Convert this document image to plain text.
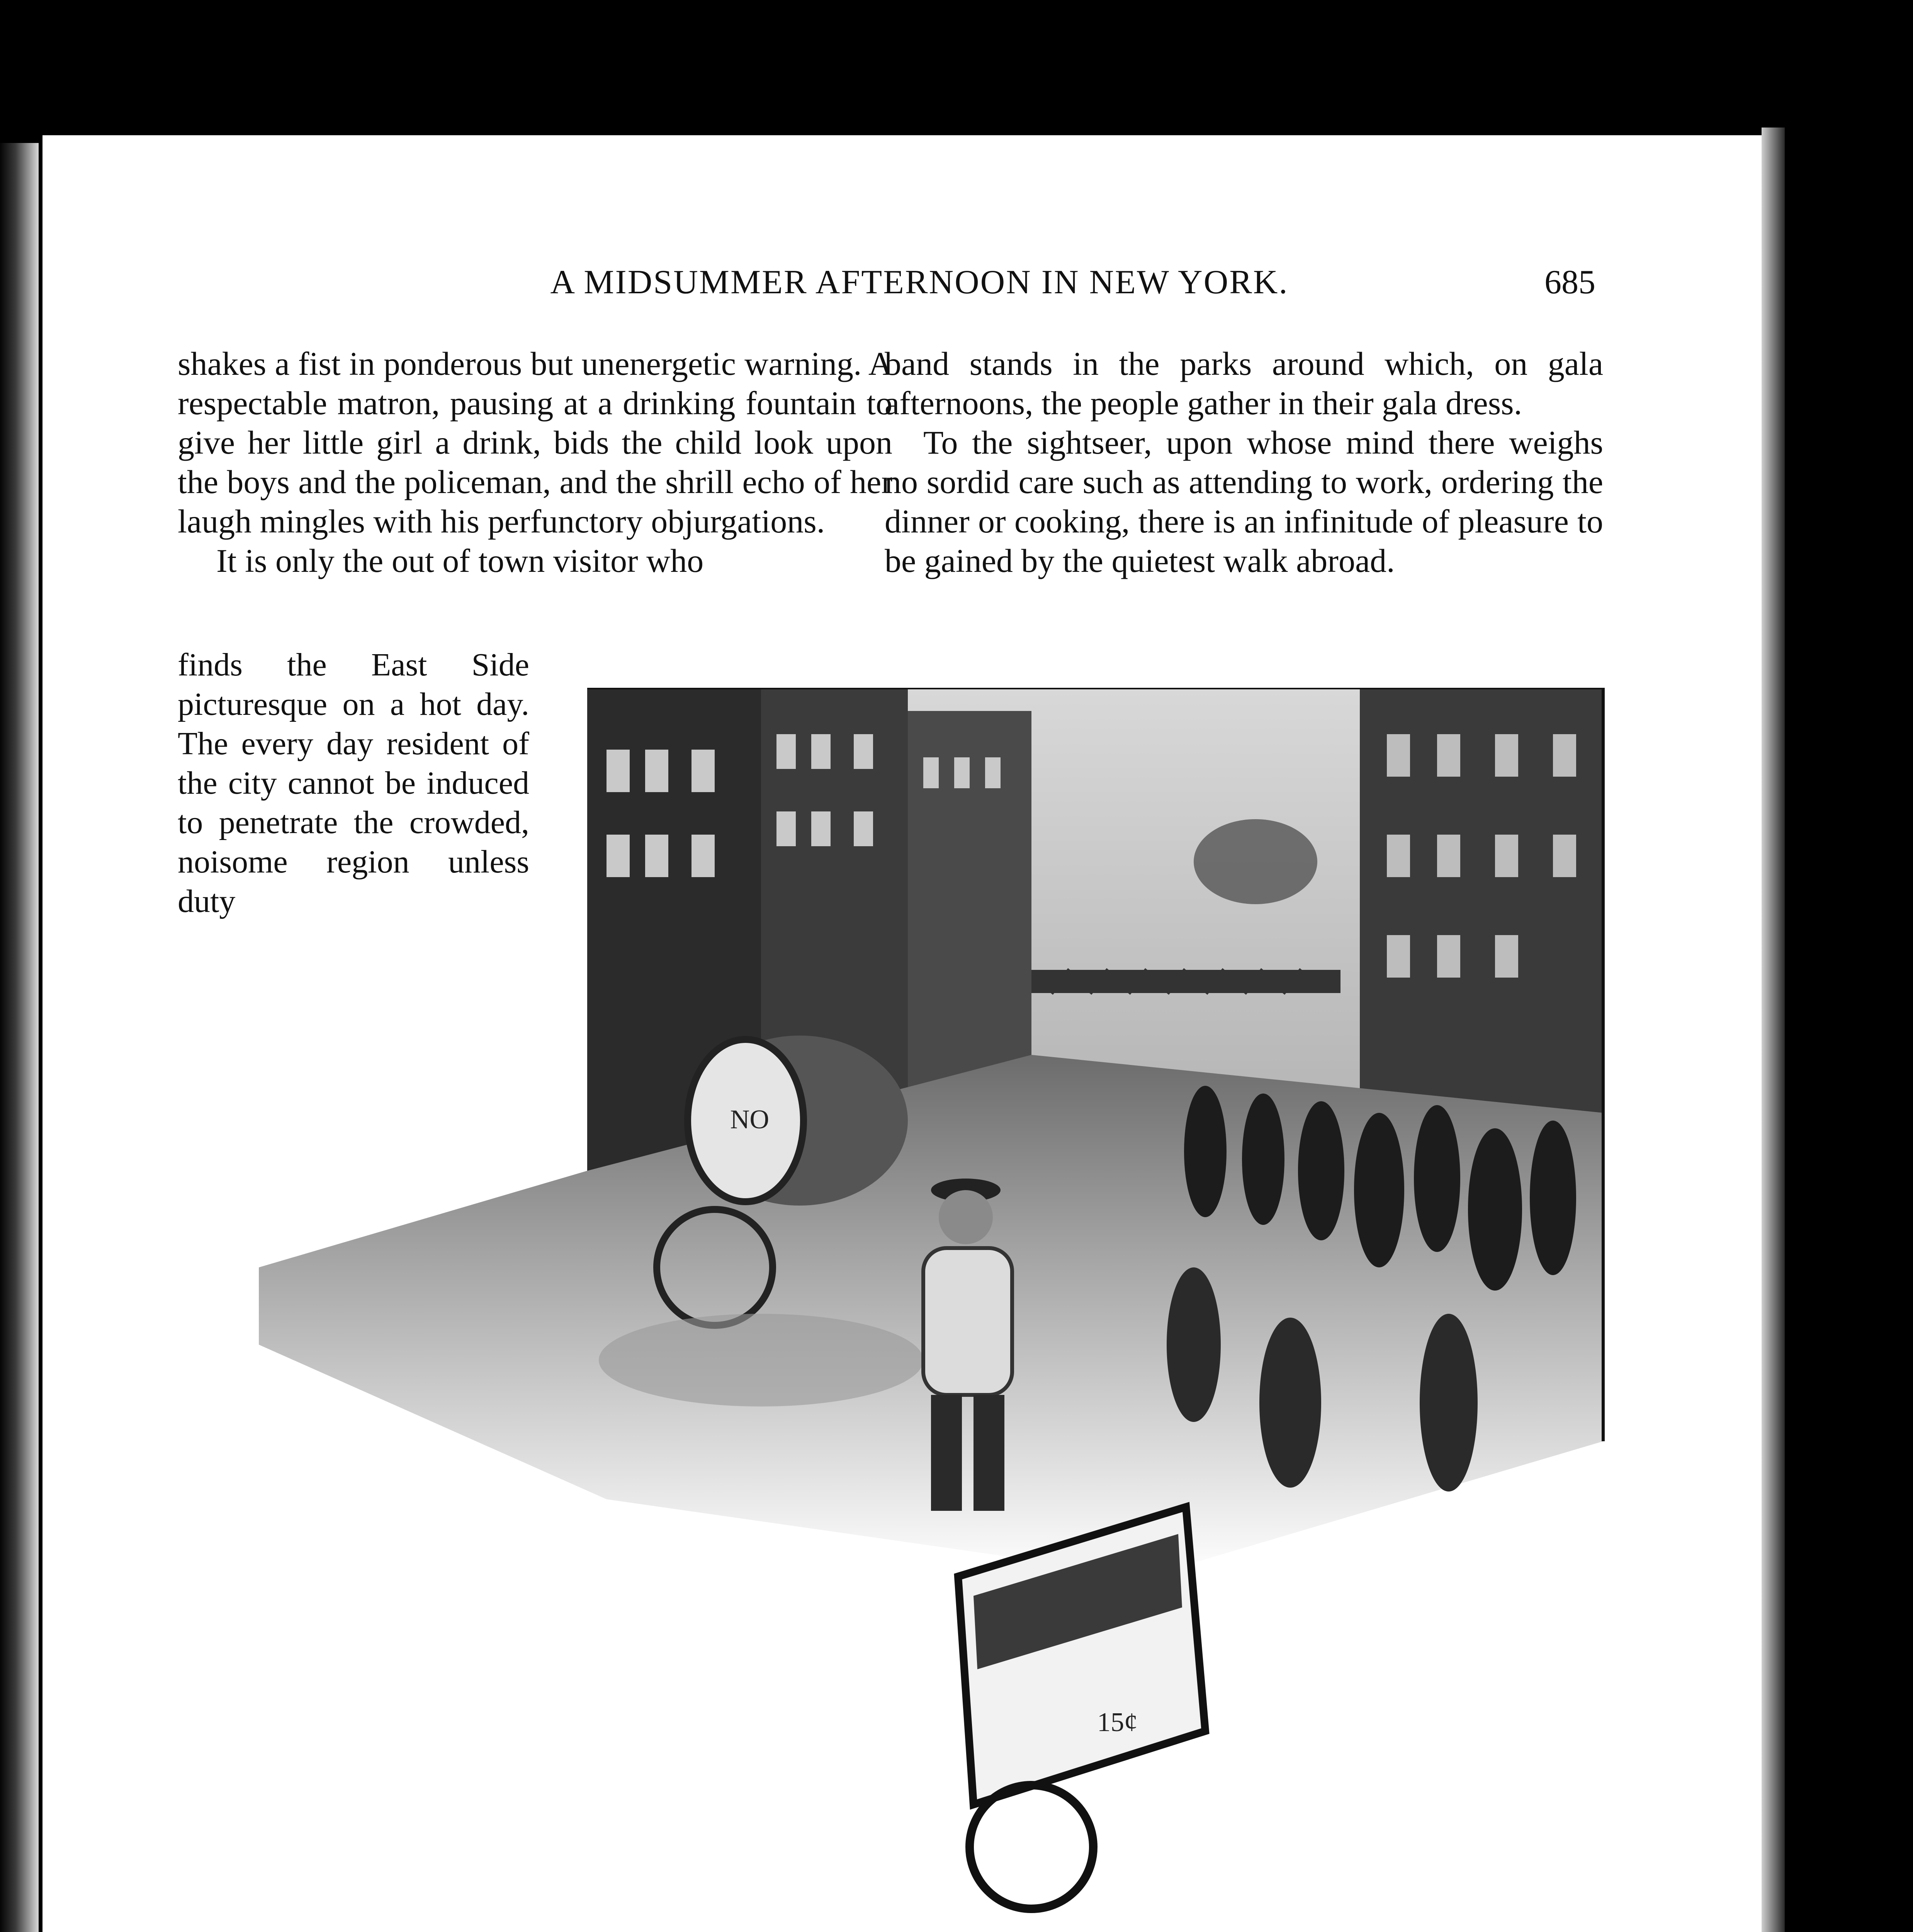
A MIDSUMMER AFTERNOON IN NEW YORK.	685

shakes a fist in ponderous but unenergetic warning. A respectable matron, pausing at a drinking fountain to give her little girl a drink, bids the child look upon the boys and the policeman, and the shrill echo of her laugh mingles with his perfunctory objurgations.

It is only the out of town visitor who

finds the East Side picturesque on a hot day. The every day resident of the city cannot be induced to penetrate the crowded, noisome region unless duty

band stands in the parks around which, on gala afternoons, the people gather in their gala dress.

To the sightseer, upon whose mind there weighs no sordid care such as attending to work, ordering the dinner or cooking, there is an infinitude of pleasure to be gained by the quietest walk abroad.

NO
15¢
